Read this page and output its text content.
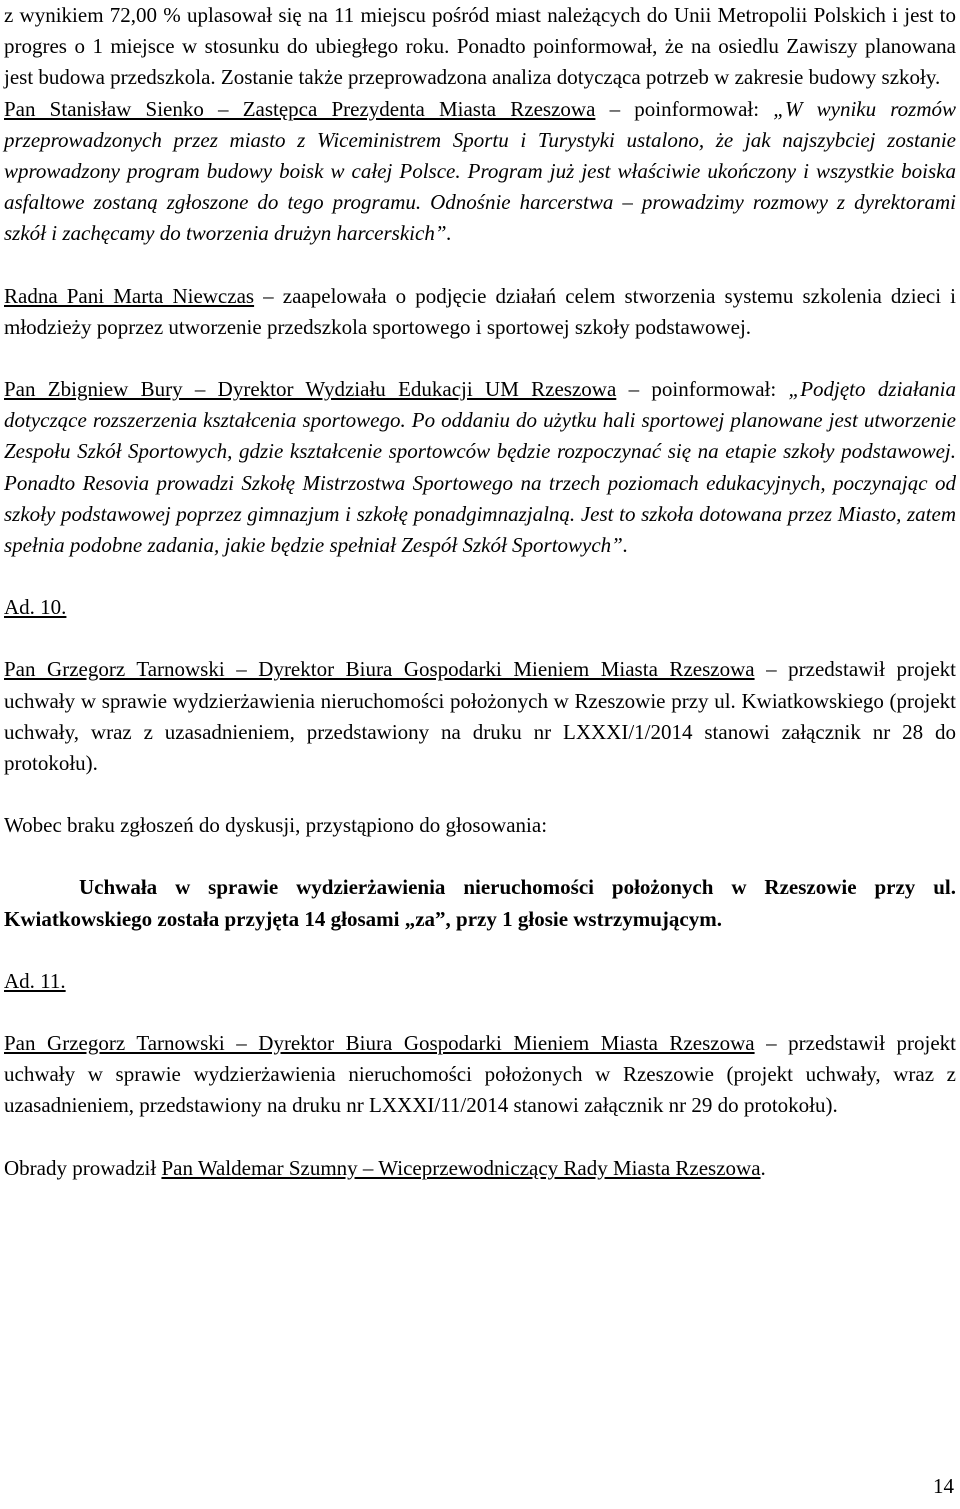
z wynikiem 72,00 % uplasował się na 11 miejscu pośród miast należących do Unii Metropolii Polskich i jest to progres o 1 miejsce w stosunku do ubiegłego roku. Ponadto poinformował, że na osiedlu Zawiszy planowana jest budowa przedszkola. Zostanie także przeprowadzona analiza dotycząca potrzeb w zakresie budowy szkoły.

Pan Stanisław Sienko – Zastępca Prezydenta Miasta Rzeszowa – poinformował: „W wyniku rozmów przeprowadzonych przez miasto z Wiceministrem Sportu i Turystyki ustalono, że jak najszybciej zostanie wprowadzony program budowy boisk w całej Polsce. Program już jest właściwie ukończony i wszystkie boiska asfaltowe zostaną zgłoszone do tego programu. Odnośnie harcerstwa – prowadzimy rozmowy z dyrektorami szkół i zachęcamy do tworzenia drużyn harcerskich”.

Radna Pani Marta Niewczas – zaapelowała o podjęcie działań celem stworzenia systemu szkolenia dzieci i młodzieży poprzez utworzenie przedszkola sportowego i sportowej szkoły podstawowej.

Pan Zbigniew Bury – Dyrektor Wydziału Edukacji UM Rzeszowa – poinformował: „Podjęto działania dotyczące rozszerzenia kształcenia sportowego. Po oddaniu do użytku hali sportowej planowane jest utworzenie Zespołu Szkół Sportowych, gdzie kształcenie sportowców będzie rozpoczynać się na etapie szkoły podstawowej. Ponadto Resovia prowadzi Szkołę Mistrzostwa Sportowego na trzech poziomach edukacyjnych, poczynając od szkoły podstawowej poprzez gimnazjum i szkołę ponadgimnazjalną. Jest to szkoła dotowana przez Miasto, zatem spełnia podobne zadania, jakie będzie spełniał Zespół Szkół Sportowych”.

Ad. 10.

Pan Grzegorz Tarnowski – Dyrektor Biura Gospodarki Mieniem Miasta Rzeszowa – przedstawił projekt uchwały w sprawie wydzierżawienia nieruchomości położonych w Rzeszowie przy ul. Kwiatkowskiego (projekt uchwały, wraz z uzasadnieniem, przedstawiony na druku nr LXXXI/1/2014 stanowi załącznik nr 28 do protokołu).

Wobec braku zgłoszeń do dyskusji, przystąpiono do głosowania:

Uchwała w sprawie wydzierżawienia nieruchomości położonych w Rzeszowie przy ul. Kwiatkowskiego została przyjęta 14 głosami „za”, przy 1 głosie wstrzymującym.

Ad. 11.

Pan Grzegorz Tarnowski – Dyrektor Biura Gospodarki Mieniem Miasta Rzeszowa – przedstawił projekt uchwały w sprawie wydzierżawienia nieruchomości położonych w Rzeszowie (projekt uchwały, wraz z uzasadnieniem, przedstawiony na druku nr LXXXI/11/2014 stanowi załącznik nr 29 do protokołu).

Obrady prowadził Pan Waldemar Szumny – Wiceprzewodniczący Rady Miasta Rzeszowa.

14
